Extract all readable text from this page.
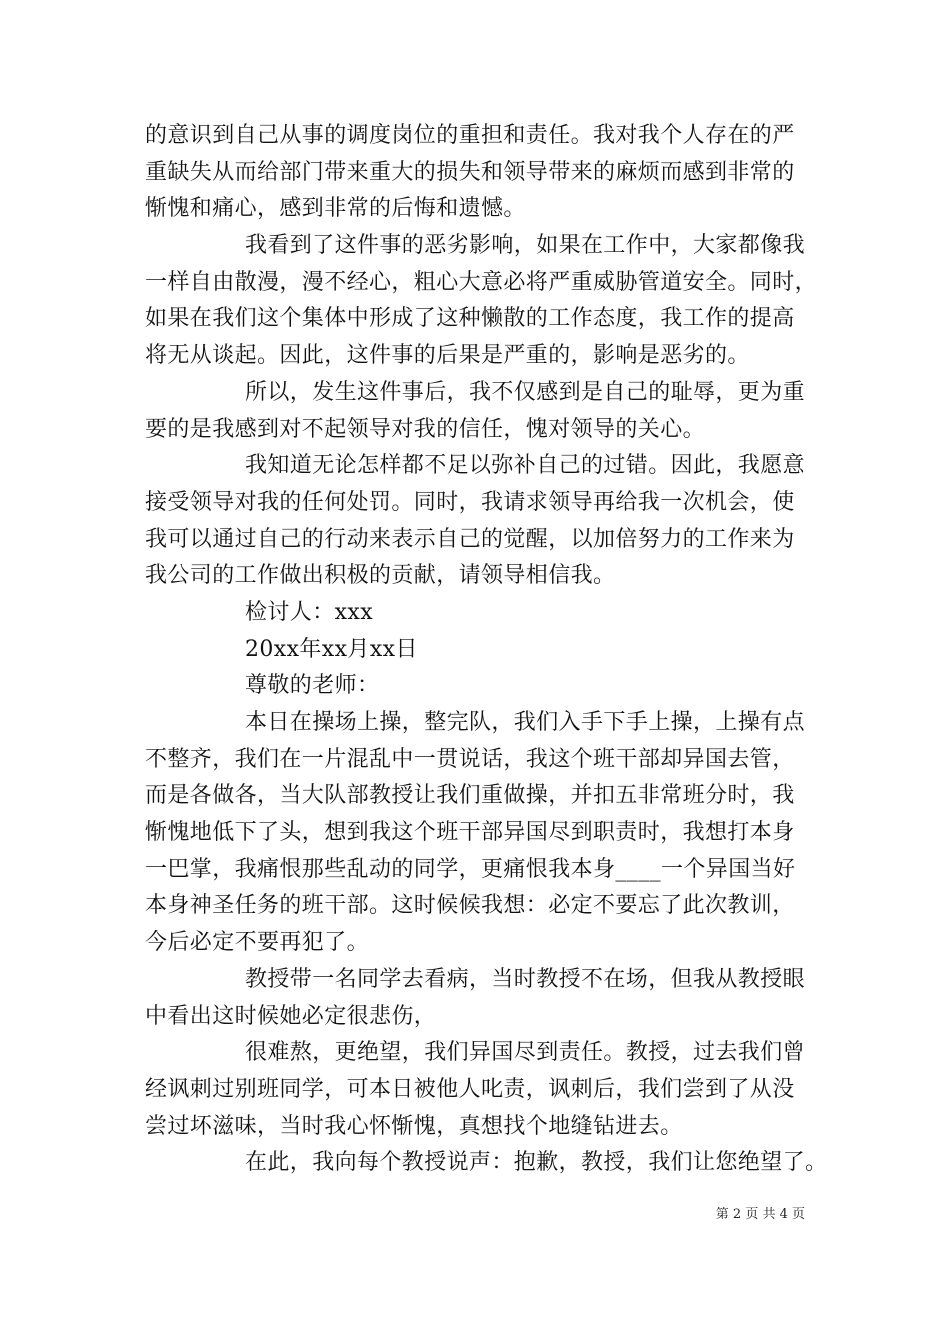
的意识到自己从事的调度岗位的重担和责任。我对我个人存在的严
重缺失从而给部门带来重大的损失和领导带来的麻烦而感到非常的
惭愧和痛心，感到非常的后悔和遗憾。
我看到了这件事的恶劣影响，如果在工作中，大家都像我
一样自由散漫，漫不经心，粗心大意必将严重威胁管道安全。同时，
如果在我们这个集体中形成了这种懒散的工作态度，我工作的提高
将无从谈起。因此，这件事的后果是严重的，影响是恶劣的。
所以，发生这件事后，我不仅感到是自己的耻辱，更为重
要的是我感到对不起领导对我的信任，愧对领导的关心。
我知道无论怎样都不足以弥补自己的过错。因此，我愿意
接受领导对我的任何处罚。同时，我请求领导再给我一次机会，使
我可以通过自己的行动来表示自己的觉醒，以加倍努力的工作来为
我公司的工作做出积极的贡献，请领导相信我。
检讨人：xxx
20xx年xx月xx日
尊敬的老师：
本日在操场上操，整完队，我们入手下手上操，上操有点
不整齐，我们在一片混乱中一贯说话，我这个班干部却异国去管，
而是各做各，当大队部教授让我们重做操，并扣五非常班分时，我
惭愧地低下了头，想到我这个班干部异国尽到职责时，我想打本身
一巴掌，我痛恨那些乱动的同学，更痛恨我本身____一个异国当好
本身神圣任务的班干部。这时候候我想：必定不要忘了此次教训，
今后必定不要再犯了。
教授带一名同学去看病，当时教授不在场，但我从教授眼
中看出这时候她必定很悲伤，
很难熬，更绝望，我们异国尽到责任。教授，过去我们曾
经讽刺过别班同学，可本日被他人叱责，讽刺后，我们尝到了从没
尝过坏滋味，当时我心怀惭愧，真想找个地缝钻进去。
在此，我向每个教授说声：抱歉，教授，我们让您绝望了。
第 2 页 共 4 页
